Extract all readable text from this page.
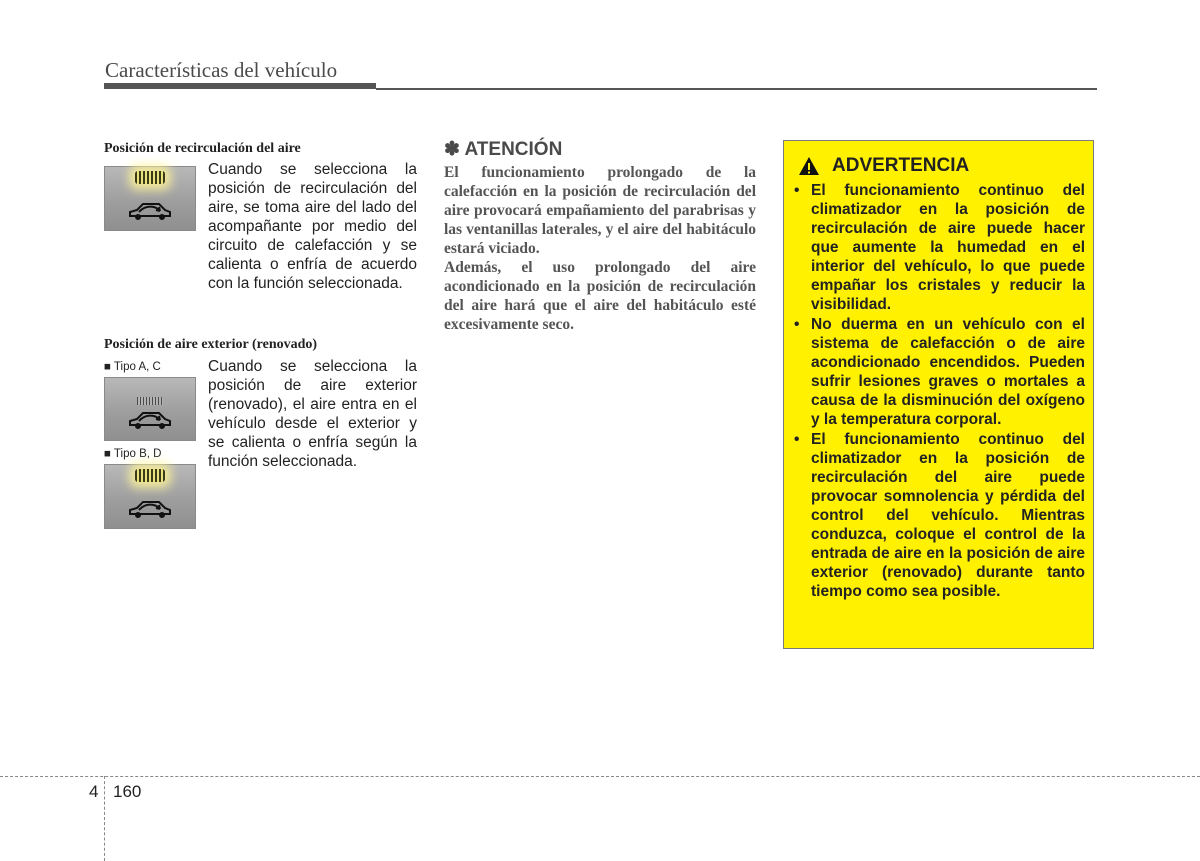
Características del vehículo
Posición de recirculación del aire
Cuando se selecciona la posición de recirculación del aire, se toma aire del lado del acompañante por medio del circuito de calefacción y se calienta o enfría de acuerdo con la función seleccionada.
Posición de aire exterior (renovado)
■ Tipo A, C
■ Tipo B, D
Cuando se selecciona la posición de aire exterior (renovado), el aire entra en el vehículo desde el exterior y se calienta o enfría según la función seleccionada.
✽ ATENCIÓN

El funcionamiento prolongado de la calefacción en la posición de recirculación del aire provocará empañamiento del parabrisas y las ventanillas laterales, y el aire del habitáculo estará viciado.

Además, el uso prolongado del aire acondicionado en la posición de recirculación del aire hará que el aire del habitáculo esté excesivamente seco.

ADVERTENCIA
• El funcionamiento continuo del climatizador en la posición de recirculación de aire puede hacer que aumente la humedad en el interior del vehículo, lo que puede empañar los cristales y reducir la visibilidad.
• No duerma en un vehículo con el sistema de calefacción o de aire acondicionado encendidos. Pueden sufrir lesiones graves o mortales a causa de la disminución del oxígeno y la temperatura corporal.
• El funcionamiento continuo del climatizador en la posición de recirculación del aire puede provocar somnolencia y pérdida del control del vehículo. Mientras conduzca, coloque el control de la entrada de aire en la posición de aire exterior (renovado) durante tanto tiempo como sea posible.
4 160
